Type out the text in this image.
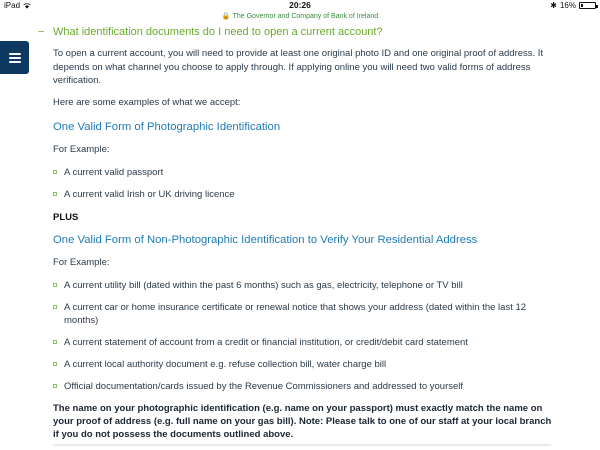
iPad	20:26	✱ 16%
🔒 The Governor and Company of Bank of Ireland
− What identification documents do I need to open a current account?

To open a current account, you will need to provide at least one original photo ID and one original proof of address. It depends on what channel you choose to apply through. If applying online you will need two valid forms of address verification.

Here are some examples of what we accept:

One Valid Form of Photographic Identification

For Example:

A current valid passport
A current valid Irish or UK driving licence

PLUS

One Valid Form of Non-Photographic Identification to Verify Your Residential Address

For Example:

A current utility bill (dated within the past 6 months) such as gas, electricity, telephone or TV bill
A current car or home insurance certificate or renewal notice that shows your address (dated within the last 12 months)
A current statement of account from a credit or financial institution, or credit/debit card statement
A current local authority document e.g. refuse collection bill, water charge bill
Official documentation/cards issued by the Revenue Commissioners and addressed to yourself

The name on your photographic identification (e.g. name on your passport) must exactly match the name on your proof of address (e.g. full name on your gas bill). Note: Please talk to one of our staff at your local branch if you do not possess the documents outlined above.
